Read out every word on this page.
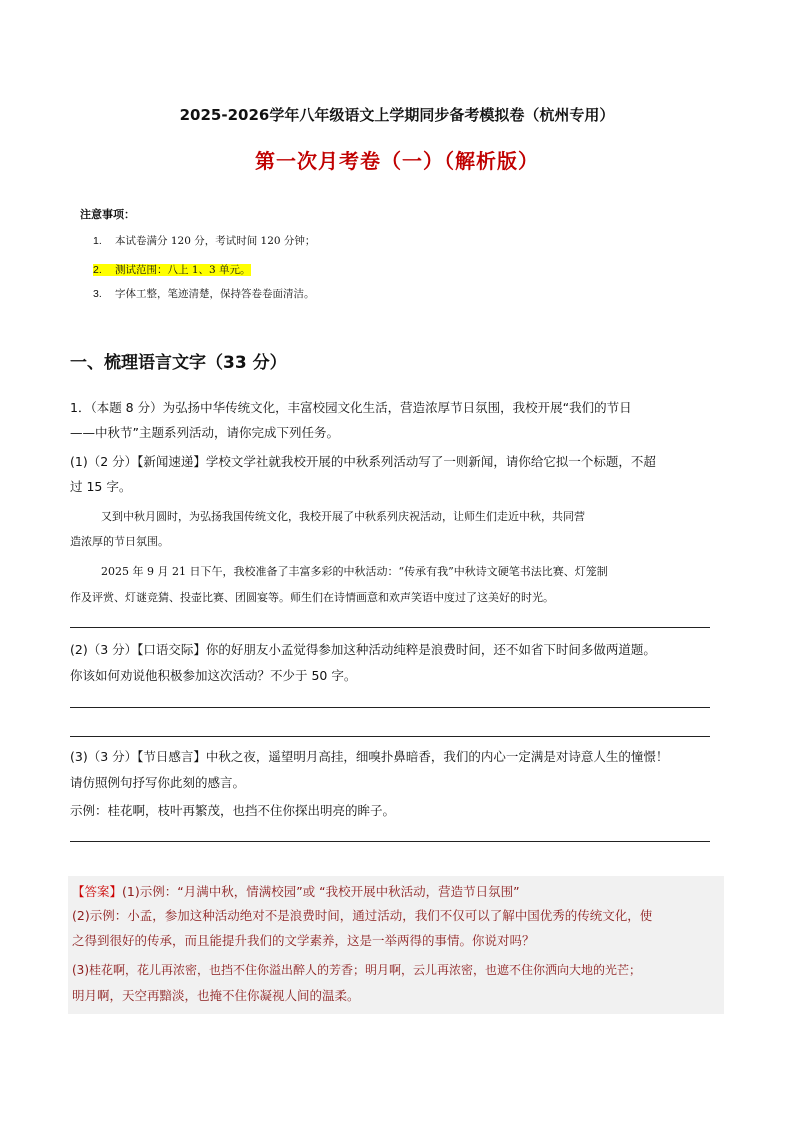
2025-2026学年八年级语文上学期同步备考模拟卷（杭州专用）
第一次月考卷（一）（解析版）
注意事项：
1. 本试卷满分 120 分，考试时间 120 分钟；
2. 测试范围：八上 1、3 单元。
3. 字体工整，笔迹清楚，保持答卷卷面清洁。
一、梳理语言文字（33 分）
1．（本题 8 分）为弘扬中华传统文化，丰富校园文化生活，营造浓厚节日氛围，我校开展“我们的节日
——中秋节”主题系列活动，请你完成下列任务。
(1)（2 分）【新闻速递】学校文学社就我校开展的中秋系列活动写了一则新闻，请你给它拟一个标题，不超
过 15 字。
又到中秋月圆时，为弘扬我国传统文化，我校开展了中秋系列庆祝活动，让师生们走近中秋，共同营
造浓厚的节日氛围。
2025 年 9 月 21 日下午，我校准备了丰富多彩的中秋活动：“传承有我”中秋诗文硬笔书法比赛、灯笼制
作及评赏、灯谜竞猜、投壶比赛、团圆宴等。师生们在诗情画意和欢声笑语中度过了这美好的时光。
(2)（3 分）【口语交际】你的好朋友小孟觉得参加这种活动纯粹是浪费时间，还不如省下时间多做两道题。
你该如何劝说他积极参加这次活动？不少于 50 字。
(3)（3 分）【节日感言】中秋之夜，遥望明月高挂，细嗅扑鼻暗香，我们的内心一定满是对诗意人生的憧憬！
请仿照例句抒写你此刻的感言。
示例：桂花啊，枝叶再繁茂，也挡不住你探出明亮的眸子。
【答案】(1)示例：“月满中秋，情满校园”或 “我校开展中秋活动，营造节日氛围”
(2)示例：小孟，参加这种活动绝对不是浪费时间，通过活动，我们不仅可以了解中国优秀的传统文化，使
之得到很好的传承，而且能提升我们的文学素养，这是一举两得的事情。你说对吗？
(3)桂花啊，花儿再浓密，也挡不住你溢出醉人的芳香；明月啊，云儿再浓密，也遮不住你洒向大地的光芒；
明月啊，天空再黯淡，也掩不住你凝视人间的温柔。
